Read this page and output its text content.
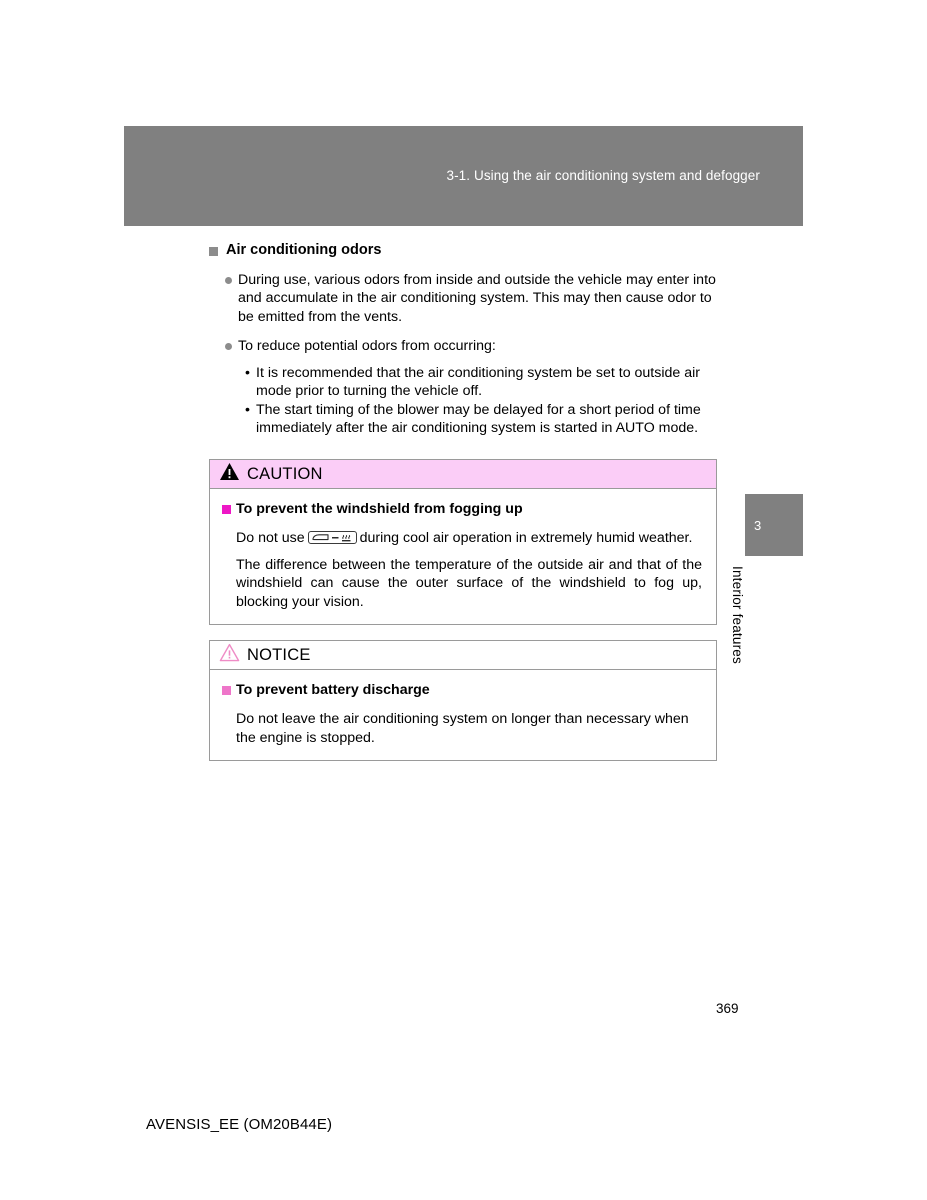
3-1. Using the air conditioning system and defogger
Air conditioning odors
During use, various odors from inside and outside the vehicle may enter into and accumulate in the air conditioning system. This may then cause odor to be emitted from the vents.
To reduce potential odors from occurring:
• It is recommended that the air conditioning system be set to outside air mode prior to turning the vehicle off.
• The start timing of the blower may be delayed for a short period of time immediately after the air conditioning system is started in AUTO mode.
CAUTION
To prevent the windshield from fogging up
Do not use	during cool air operation in extremely humid weather.
The difference between the temperature of the outside air and that of the windshield can cause the outer surface of the windshield to fog up, blocking your vision.
NOTICE
To prevent battery discharge
Do not leave the air conditioning system on longer than necessary when the engine is stopped.
3
Interior features
369
AVENSIS_EE (OM20B44E)
